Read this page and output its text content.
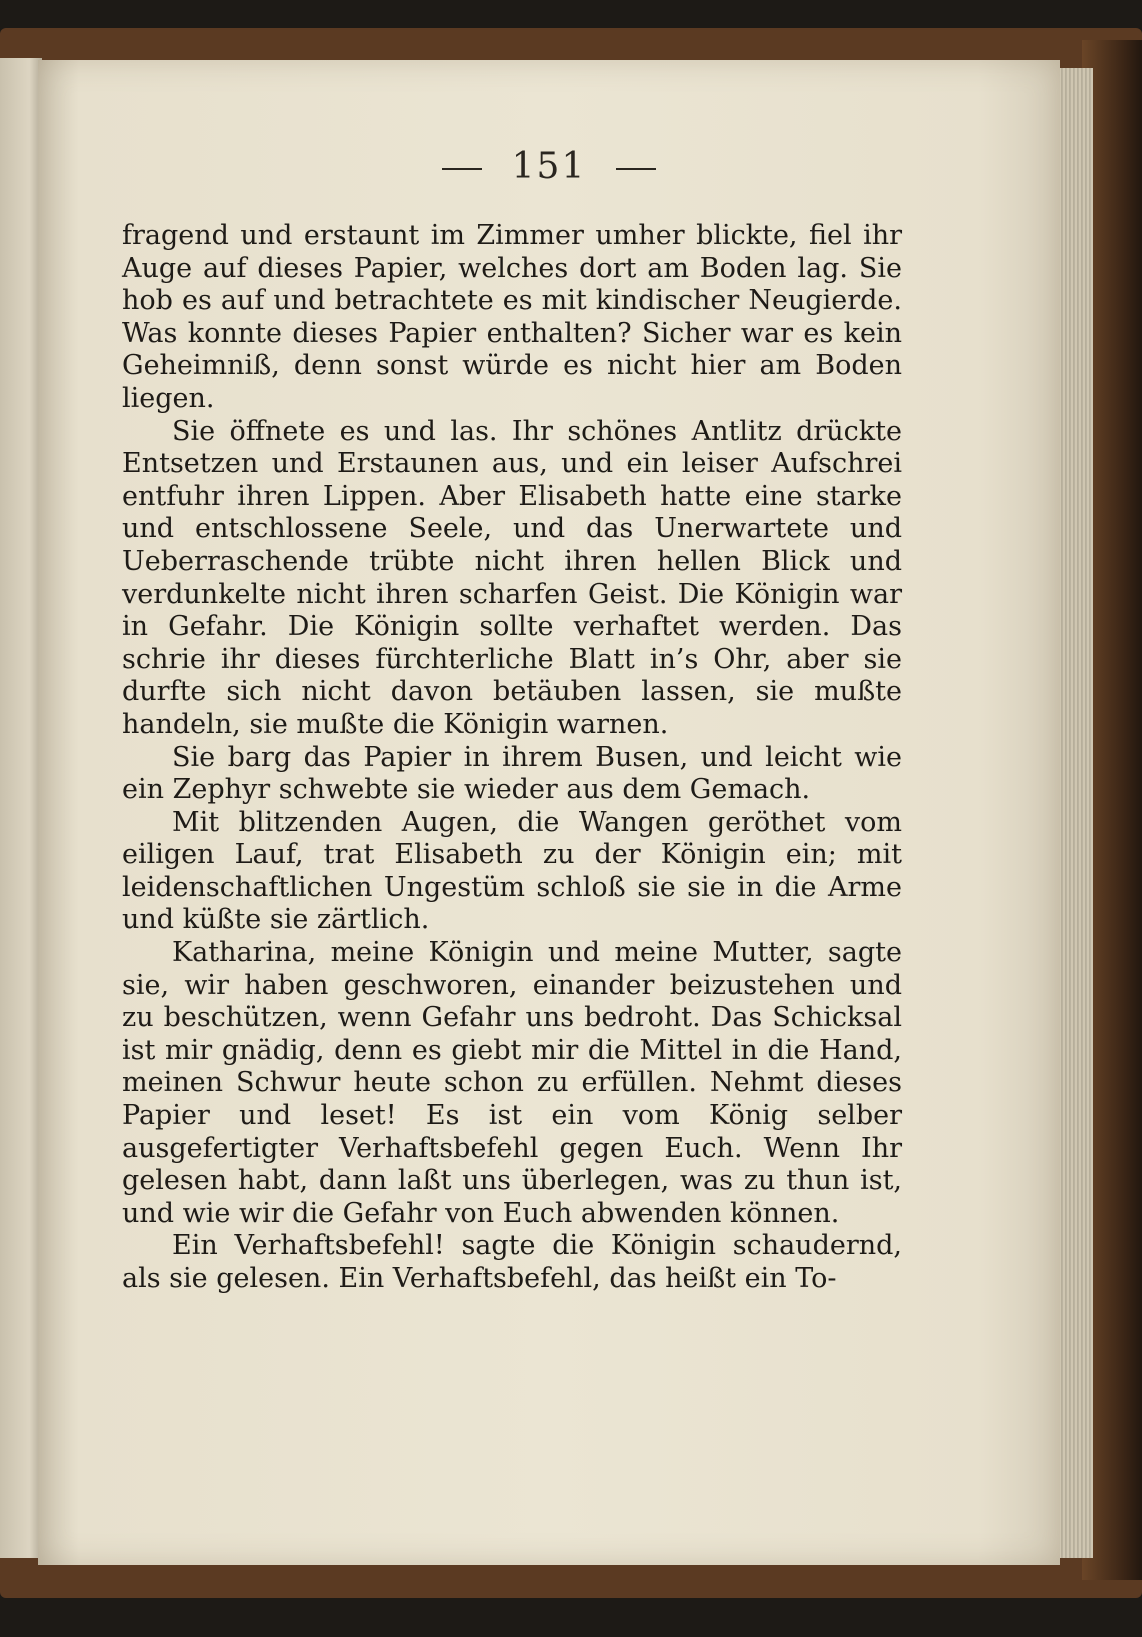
151

fragend und erstaunt im Zimmer umher blickte, fiel ihr Auge auf dieses Papier, welches dort am Boden lag. Sie hob es auf und betrachtete es mit kindischer Neugierde. Was konnte dieses Papier enthalten? Sicher war es kein Geheimniß, denn sonst würde es nicht hier am Boden liegen.

Sie öffnete es und las. Ihr schönes Antlitz drückte Entsetzen und Erstaunen aus, und ein leiser Aufschrei entfuhr ihren Lippen. Aber Elisabeth hatte eine starke und entschlossene Seele, und das Unerwartete und Ueberraschende trübte nicht ihren hellen Blick und verdunkelte nicht ihren scharfen Geist. Die Königin war in Gefahr. Die Königin sollte verhaftet werden. Das schrie ihr dieses fürchterliche Blatt in’s Ohr, aber sie durfte sich nicht davon betäuben lassen, sie mußte handeln, sie mußte die Königin warnen.

Sie barg das Papier in ihrem Busen, und leicht wie ein Zephyr schwebte sie wieder aus dem Gemach.

Mit blitzenden Augen, die Wangen geröthet vom eiligen Lauf, trat Elisabeth zu der Königin ein; mit leidenschaftlichen Ungestüm schloß sie sie in die Arme und küßte sie zärtlich.

Katharina, meine Königin und meine Mutter, sagte sie, wir haben geschworen, einander beizustehen und zu beschützen, wenn Gefahr uns bedroht. Das Schicksal ist mir gnädig, denn es giebt mir die Mittel in die Hand, meinen Schwur heute schon zu erfüllen. Nehmt dieses Papier und leset! Es ist ein vom König selber ausgefertigter Verhaftsbefehl gegen Euch. Wenn Ihr gelesen habt, dann laßt uns überlegen, was zu thun ist, und wie wir die Gefahr von Euch abwenden können.

Ein Verhaftsbefehl! sagte die Königin schaudernd, als sie gelesen. Ein Verhaftsbefehl, das heißt ein To-
